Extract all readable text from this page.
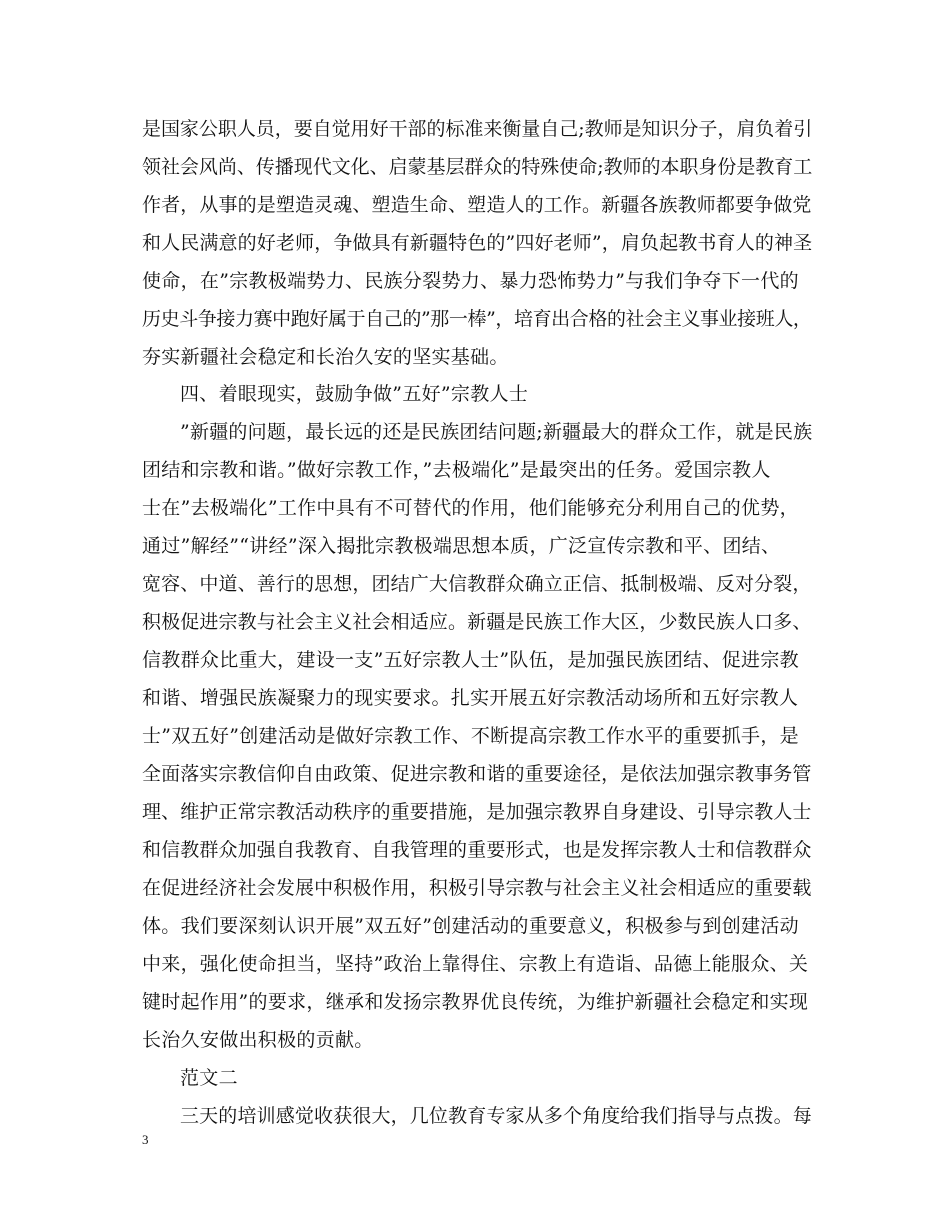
是国家公职人员，要自觉用好干部的标准来衡量自己;教师是知识分子，肩负着引
领社会风尚、传播现代文化、启蒙基层群众的特殊使命;教师的本职身份是教育工
作者，从事的是塑造灵魂、塑造生命、塑造人的工作。新疆各族教师都要争做党
和人民满意的好老师，争做具有新疆特色的”四好老师”，肩负起教书育人的神圣
使命，在”宗教极端势力、民族分裂势力、暴力恐怖势力”与我们争夺下一代的
历史斗争接力赛中跑好属于自己的”那一棒”，培育出合格的社会主义事业接班人，
夯实新疆社会稳定和长治久安的坚实基础。
四、着眼现实，鼓励争做”五好”宗教人士
”新疆的问题，最长远的还是民族团结问题;新疆最大的群众工作，就是民族
团结和宗教和谐。”做好宗教工作，”去极端化”是最突出的任务。爱国宗教人
士在”去极端化”工作中具有不可替代的作用，他们能够充分利用自己的优势，
通过”解经”“讲经”深入揭批宗教极端思想本质，广泛宣传宗教和平、团结、
宽容、中道、善行的思想，团结广大信教群众确立正信、抵制极端、反对分裂，
积极促进宗教与社会主义社会相适应。新疆是民族工作大区，少数民族人口多、
信教群众比重大，建设一支”五好宗教人士”队伍，是加强民族团结、促进宗教
和谐、增强民族凝聚力的现实要求。扎实开展五好宗教活动场所和五好宗教人
士”双五好”创建活动是做好宗教工作、不断提高宗教工作水平的重要抓手，是
全面落实宗教信仰自由政策、促进宗教和谐的重要途径，是依法加强宗教事务管
理、维护正常宗教活动秩序的重要措施，是加强宗教界自身建设、引导宗教人士
和信教群众加强自我教育、自我管理的重要形式，也是发挥宗教人士和信教群众
在促进经济社会发展中积极作用，积极引导宗教与社会主义社会相适应的重要载
体。我们要深刻认识开展”双五好”创建活动的重要意义，积极参与到创建活动
中来，强化使命担当，坚持”政治上靠得住、宗教上有造诣、品德上能服众、关
键时起作用”的要求，继承和发扬宗教界优良传统，为维护新疆社会稳定和实现
长治久安做出积极的贡献。
范文二
三天的培训感觉收获很大，几位教育专家从多个角度给我们指导与点拨。每
3
